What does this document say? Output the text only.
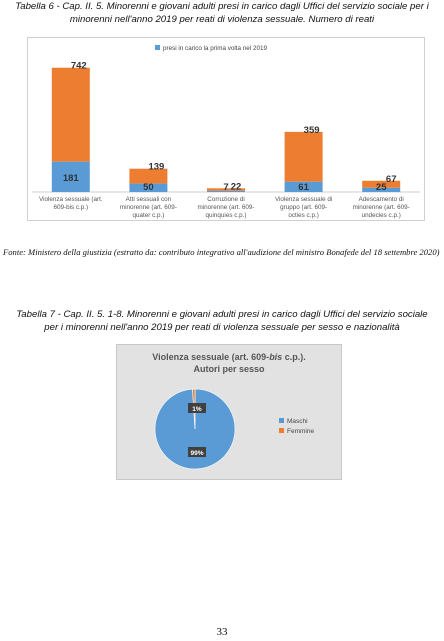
Tabella 6 - Cap. II. 5. Minorenni e giovani adulti presi in carico dagli Uffici del servizio sociale per i
minorenni nell'anno 2019 per reati di violenza sessuale. Numero di reati
presi in carico la prima volta nel 2019
181
742
Violenza sessuale (art.
609-bis c.p.)
50
139
Atti sessuali con
minorenne (art. 609-
quater c.p.)
7 22
Corruzione di
minorenne (art. 609-
quinquies c.p.)
61
359
Violenza sessuale di
gruppo (art. 609-
octies c.p.)
25
67
Adescamento di
minorenne (art. 609-
undecies c.p.)
Fonte: Ministero della giustizia (estratto da: contributo integrativo all'audizione del ministro Bonafede del 18 settembre 2020)
Tabella 7 - Cap. II. 5. 1-8. Minorenni e giovani adulti presi in carico dagli Uffici del servizio sociale
per i minorenni nell'anno 2019 per reati di violenza sessuale per sesso e nazionalità
Violenza sessuale (art. 609-bis c.p.).
Autori per sesso
99%
1%
Maschi
Femmine
33
